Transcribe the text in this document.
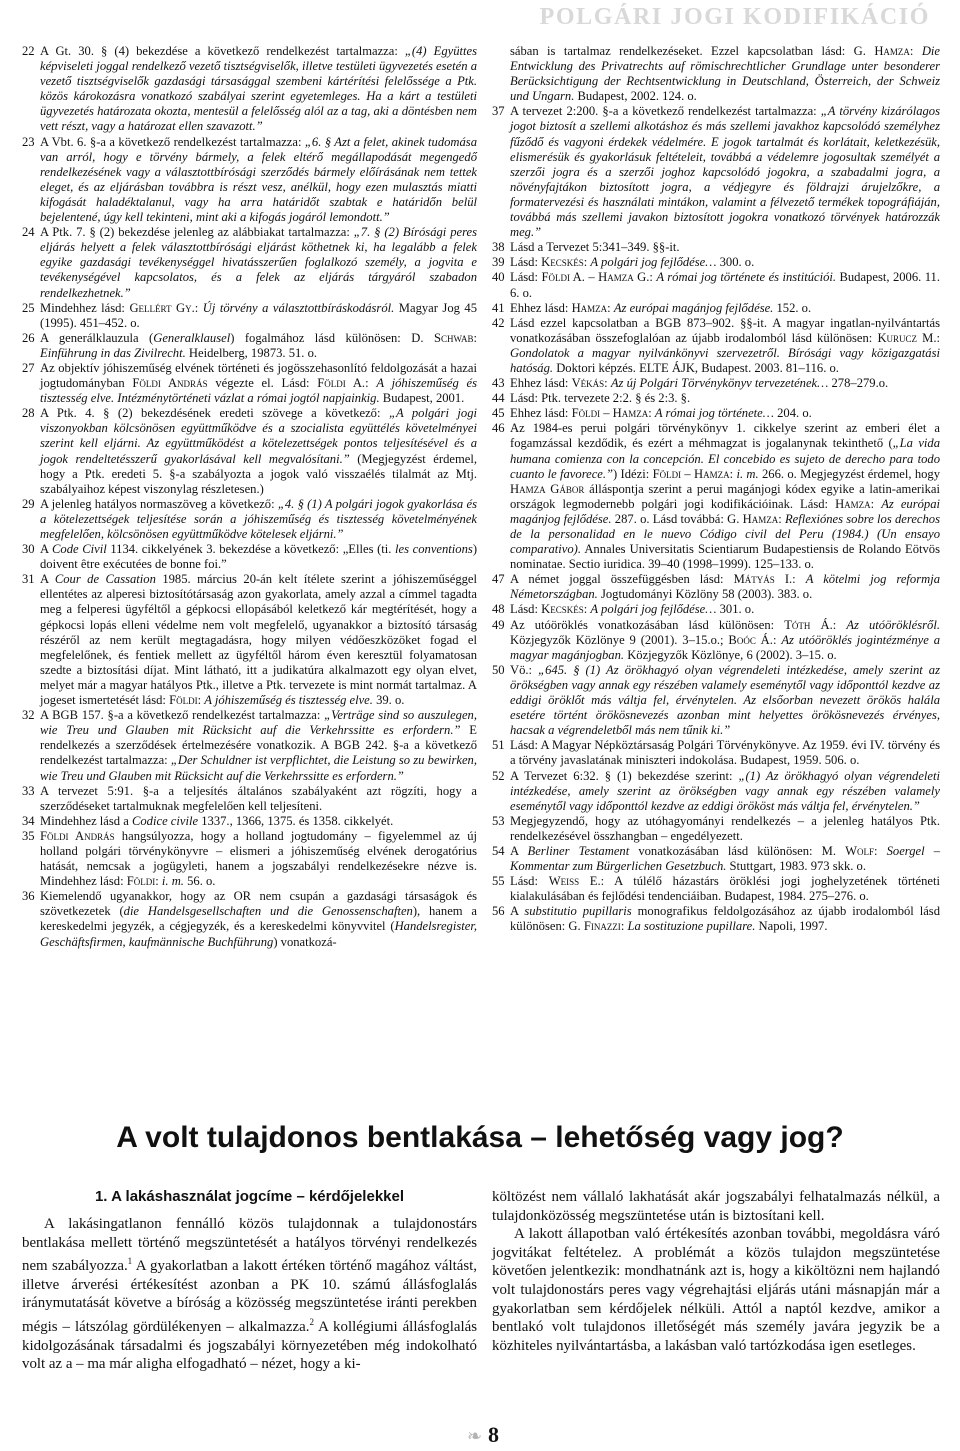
POLGÁRI JOGI KODIFIKÁCIÓ

22 A Gt. 30. § (4) bekezdése a következő rendelkezést tartalmazza: „(4) Együttes képviseleti joggal rendelkező vezető tisztségviselők, illetve testületi ügyvezetés esetén a vezető tisztségviselők gazdasági társasággal szembeni kártérítési felelőssége a Ptk. közös károkozásra vonatkozó szabályai szerint egyetemleges. Ha a kárt a testületi ügyvezetés határozata okozta, mentesül a felelősség alól az a tag, aki a döntésben nem vett részt, vagy a határozat ellen szavazott.”

23 A Vbt. 6. §-a a következő rendelkezést tartalmazza: „6. § Azt a felet, akinek tudomása van arról, hogy e törvény bármely, a felek eltérő megállapodását megengedő rendelkezésének vagy a választottbírósági szerződés bármely előírásának nem tettek eleget, és az eljárásban továbbra is részt vesz, anélkül, hogy ezen mulasztás miatti kifogását haladéktalanul, vagy ha arra határidőt szabtak e határidőn belül bejelentené, úgy kell tekinteni, mint aki a kifogás jogáról lemondott.”

24 A Ptk. 7. § (2) bekezdése jelenleg az alábbiakat tartalmazza: „7. § (2) Bírósági peres eljárás helyett a felek választottbírósági eljárást köthetnek ki, ha legalább a felek egyike gazdasági tevékenységgel hivatásszerűen foglalkozó személy, a jogvita e tevékenységével kapcsolatos, és a felek az eljárás tárgyáról szabadon rendelkezhetnek.”

25 Mindehhez lásd: Gellért Gy.: Új törvény a választottbíráskodásról. Magyar Jog 45 (1995). 451–452. o.

26 A generálklauzula (Generalklausel) fogalmához lásd különösen: D. Schwab: Einführung in das Zivilrecht. Heidelberg, 19873. 51. o.

27 Az objektív jóhiszeműség elvének történeti és jogösszehasonlító feldolgozását a hazai jogtudományban Földi András végezte el. Lásd: Földi A.: A jóhiszeműség és tisztesség elve. Intézménytörténeti vázlat a római jogtól napjainkig. Budapest, 2001.

28 A Ptk. 4. § (2) bekezdésének eredeti szövege a következő: „A polgári jogi viszonyokban kölcsönösen együttműködve és a szocialista együttélés követelményei szerint kell eljárni. Az együttműködést a kötelezettségek pontos teljesítésével és a jogok rendeltetésszerű gyakorlásával kell megvalósítani.” (Megjegyzést érdemel, hogy a Ptk. eredeti 5. §-a szabályozta a jogok való visszaélés tilalmát az Mtj. szabályaihoz képest viszonylag részletesen.)

29 A jelenleg hatályos normaszöveg a következő: „4. § (1) A polgári jogok gyakorlása és a kötelezettségek teljesítése során a jóhiszeműség és tisztesség követelményének megfelelően, kölcsönösen együttműködve kötelesek eljárni.”

30 A Code Civil 1134. cikkelyének 3. bekezdése a következő: „Elles (ti. les conventions) doivent être exécutées de bonne foi.”

31 A Cour de Cassation 1985. március 20-án kelt ítélete szerint a jóhiszeműséggel ellentétes az alperesi biztosítótársaság azon gyakorlata, amely azzal a címmel tagadta meg a felperesi ügyféltől a gépkocsi ellopásából keletkező kár megtérítését, hogy a gépkocsi lopás elleni védelme nem volt megfelelő, ugyanakkor a biztosító társaság részéről az nem került megtagadásra, hogy milyen védőeszközöket fogad el megfelelőnek, és fentiek mellett az ügyféltől három éven keresztül folyamatosan szedte a biztosítási díjat. Mint látható, itt a judikatúra alkalmazott egy olyan elvet, melyet már a magyar hatályos Ptk., illetve a Ptk. tervezete is mint normát tartalmaz. A jogeset ismertetését lásd: Földi: A jóhiszeműség és tisztesség elve. 39. o.

32 A BGB 157. §-a a következő rendelkezést tartalmazza: „Verträge sind so auszulegen, wie Treu und Glauben mit Rücksicht auf die Verkehrssitte es erfordern.” E rendelkezés a szerződések értelmezésére vonatkozik. A BGB 242. §-a a következő rendelkezést tartalmazza: „Der Schuldner ist verpflichtet, die Leistung so zu bewirken, wie Treu und Glauben mit Rücksicht auf die Verkehrssitte es erfordern.”

33 A tervezet 5:91. §-a a teljesítés általános szabályaként azt rögzíti, hogy a szerződéseket tartalmuknak megfelelően kell teljesíteni.

34 Mindehhez lásd a Codice civile 1337., 1366, 1375. és 1358. cikkelyét.

35 Földi András hangsúlyozza, hogy a holland jogtudomány – figyelemmel az új holland polgári törvénykönyvre – elismeri a jóhiszeműség elvének derogatórius hatását, nemcsak a jogügyleti, hanem a jogszabályi rendelkezésekre nézve is. Mindehhez lásd: Földi: i. m. 56. o.

36 Kiemelendő ugyanakkor, hogy az OR nem csupán a gazdasági társaságok és szövetkezetek (die Handelsgesellschaften und die Genossenschaften), hanem a kereskedelmi jegyzék, a cégjegyzék, és a kereskedelmi könyvvitel (Handelsregister, Geschäftsfirmen, kaufmännische Buchführung) vonatkozá-

sában is tartalmaz rendelkezéseket. Ezzel kapcsolatban lásd: G. Hamza: Die Entwicklung des Privatrechts auf römischrechtlicher Grundlage unter besonderer Berücksichtigung der Rechtsentwicklung in Deutschland, Österreich, der Schweiz und Ungarn. Budapest, 2002. 124. o.

37 A tervezet 2:200. §-a a következő rendelkezést tartalmazza: „A törvény kizárólagos jogot biztosít a szellemi alkotáshoz és más szellemi javakhoz kapcsolódó személyhez fűződő és vagyoni érdekek védelmére. E jogok tartalmát és korlátait, keletkezésük, elismerésük és gyakorlásuk feltételeit, továbbá a védelemre jogosultak személyét a szerzői jogra és a szerzői joghoz kapcsolódó jogokra, a szabadalmi jogra, a növényfajtákon biztosított jogra, a védjegyre és földrajzi árujelzőkre, a formatervezési és használati mintákon, valamint a félvezető termékek topográfiáján, továbbá más szellemi javakon biztosított jogokra vonatkozó törvények határozzák meg.”

38 Lásd a Tervezet 5:341–349. §§-it.

39 Lásd: Kecskés: A polgári jog fejlődése… 300. o.

40 Lásd: Földi A. – Hamza G.: A római jog története és institúciói. Budapest, 2006. 11. 6. o.

41 Ehhez lásd: Hamza: Az európai magánjog fejlődése. 152. o.

42 Lásd ezzel kapcsolatban a BGB 873–902. §§-it. A magyar ingatlan-nyilvántartás vonatkozásában összefoglalóan az újabb irodalomból lásd különösen: Kurucz M.: Gondolatok a magyar nyilvánkönyvi szervezetről. Bírósági vagy közigazgatási hatóság. Doktori képzés. ELTE ÁJK, Budapest. 2003. 81–116. o.

43 Ehhez lásd: Vékás: Az új Polgári Törvénykönyv tervezetének… 278–279.o.

44 Lásd: Ptk. tervezete 2:2. § és 2:3. §.

45 Ehhez lásd: Földi – Hamza: A római jog története… 204. o.

46 Az 1984-es perui polgári törvénykönyv 1. cikkelye szerint az emberi élet a fogamzással kezdődik, és ezért a méhmagzat is jogalanynak tekinthető („La vida humana comienza con la concepción. El concebido es sujeto de derecho para todo cuanto le favorece.”) Idézi: Földi – Hamza: i. m. 266. o. Megjegyzést érdemel, hogy Hamza Gábor álláspontja szerint a perui magánjogi kódex egyike a latin-amerikai országok legmodernebb polgári jogi kodifikációinak. Lásd: Hamza: Az európai magánjog fejlődése. 287. o. Lásd továbbá: G. Hamza: Reflexiónes sobre los derechos de la personalidad en le nuevo Código civil del Peru (1984.) (Un ensayo comparativo). Annales Universitatis Scientiarum Budapestiensis de Rolando Eötvös nominatae. Sectio iuridica. 39–40 (1998–1999). 125–133. o.

47 A német joggal összefüggésben lásd: Mátyás I.: A kötelmi jog reformja Németországban. Jogtudományi Közlöny 58 (2003). 383. o.

48 Lásd: Kecskés: A polgári jog fejlődése… 301. o.

49 Az utóöröklés vonatkozásában lásd különösen: Tóth Á.: Az utóöröklésről. Közjegyzők Közlönye 9 (2001). 3–15.o.; Boóc Á.: Az utóöröklés jogintézménye a magyar magánjogban. Közjegyzők Közlönye, 6 (2002). 3–15. o.

50 Vö.: „645. § (1) Az örökhagyó olyan végrendeleti intézkedése, amely szerint az örökségben vagy annak egy részében valamely eseménytől vagy időponttól kezdve az eddigi öröklőt más váltja fel, érvénytelen. Az elsőorban nevezett örökös halála esetére történt örökösnevezés azonban mint helyettes örökösnevezés érvényes, hacsak a végrendeletből más nem tűnik ki.”

51 Lásd: A Magyar Népköztársaság Polgári Törvénykönyve. Az 1959. évi IV. törvény és a törvény javaslatának miniszteri indokolása. Budapest, 1959. 506. o.

52 A Tervezet 6:32. § (1) bekezdése szerint: „(1) Az örökhagyó olyan végrendeleti intézkedése, amely szerint az örökségben vagy annak egy részében valamely eseménytől vagy időponttól kezdve az eddigi örököst más váltja fel, érvénytelen.”

53 Megjegyzendő, hogy az utóhagyományi rendelkezés – a jelenleg hatályos Ptk. rendelkezésével összhangban – engedélyezett.

54 A Berliner Testament vonatkozásában lásd különösen: M. Wolf: Soergel – Kommentar zum Bürgerlichen Gesetzbuch. Stuttgart, 1983. 973 skk. o.

55 Lásd: Weiss E.: A túlélő házastárs öröklési jogi joghelyzetének történeti kialakulásában és fejlődési tendenciáiban. Budapest, 1984. 275–276. o.

56 A substitutio pupillaris monografikus feldolgozásához az újabb irodalomból lásd különösen: G. Finazzi: La sostituzione pupillare. Napoli, 1997.

A volt tulajdonos bentlakása – lehetőség vagy jog?
1. A lakáshasználat jogcíme – kérdőjelekkel

A lakásingatlanon fennálló közös tulajdonnak a tulajdonostárs bentlakása mellett történő megszüntetését a hatályos törvényi rendelkezés nem szabályozza.$^1$ A gyakorlatban a lakott értéken történő magához váltást, illetve árverési értékesítést azonban a PK 10. számú állásfoglalás iránymutatását követve a bíróság a közösség megszüntetése iránti perekben mégis – látszólag gördülékenyen – alkalmazza.$^2$ A kollégiumi állásfoglalás kidolgozásának társadalmi és jogszabályi környezetében még indokolható volt az a – ma már aligha elfogadható – nézet, hogy a ki-

költözést nem vállaló lakhatását akár jogszabályi felhatalmazás nélkül, a tulajdonközösség megszüntetése után is biztosítani kell.

A lakott állapotban való értékesítés azonban további, megoldásra váró jogvitákat feltételez. A problémát a közös tulajdon megszüntetése követően jelentkezik: mondhatnánk azt is, hogy a kiköltözni nem hajlandó volt tulajdonostárs peres vagy végrehajtási eljárás utáni másnapján már a gyakorlatban sem kérdőjelek nélküli. Attól a naptól kezdve, amikor a bentlakó volt tulajdonos illetőségét más személy javára jegyzik be a közhiteles nyilvántartásba, a lakásban való tartózkodása igen esetleges.

❧ 8
